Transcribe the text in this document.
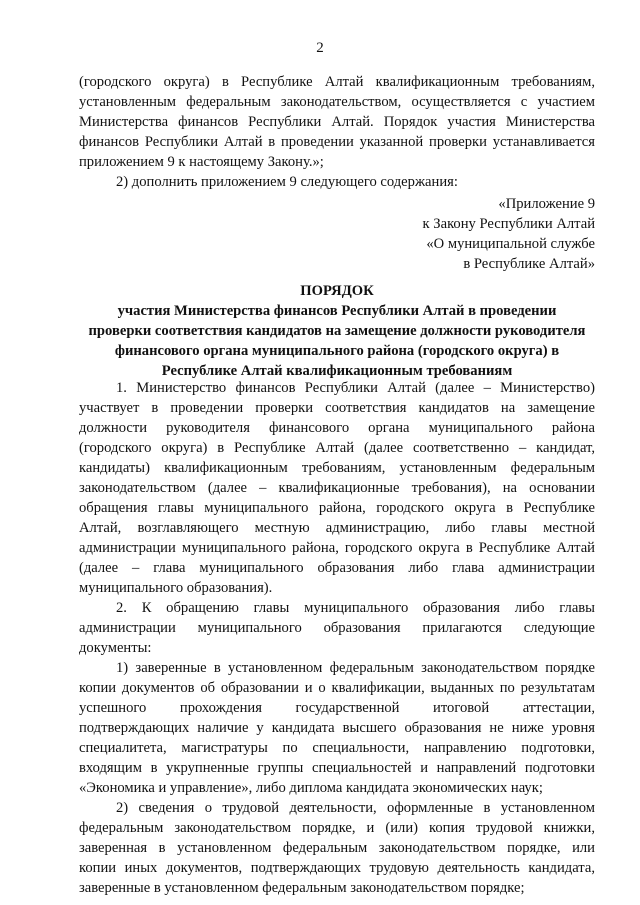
2
(городского округа) в Республике Алтай квалификационным требованиям,
установленным федеральным законодательством, осуществляется с участием
Министерства финансов Республики Алтай. Порядок участия Министерства
финансов Республики Алтай в проведении указанной проверки устанавливается
приложением 9 к настоящему Закону.»;
2) дополнить приложением 9 следующего содержания:
«Приложение 9
к Закону Республики Алтай
«О муниципальной службе
в Республике Алтай»
ПОРЯДОК
участия Министерства финансов Республики Алтай в проведении
проверки соответствия кандидатов на замещение должности руководителя
финансового органа муниципального района (городского округа) в
Республике Алтай квалификационным требованиям
1. Министерство финансов Республики Алтай (далее – Министерство)
участвует в проведении проверки соответствия кандидатов на замещение
должности руководителя финансового органа муниципального района
(городского округа) в Республике Алтай (далее соответственно – кандидат,
кандидаты) квалификационным требованиям, установленным федеральным
законодательством (далее – квалификационные требования), на основании
обращения главы муниципального района, городского округа в Республике
Алтай, возглавляющего местную администрацию, либо главы местной
администрации муниципального района, городского округа в Республике Алтай
(далее – глава муниципального образования либо глава администрации
муниципального образования).
2. К обращению главы муниципального образования либо главы
администрации муниципального образования прилагаются следующие
документы:
1) заверенные в установленном федеральным законодательством порядке
копии документов об образовании и о квалификации, выданных по результатам
успешного прохождения государственной итоговой аттестации,
подтверждающих наличие у кандидата высшего образования не ниже уровня
специалитета, магистратуры по специальности, направлению подготовки,
входящим в укрупненные группы специальностей и направлений подготовки
«Экономика и управление», либо диплома кандидата экономических наук;
2) сведения о трудовой деятельности, оформленные в установленном
федеральным законодательством порядке, и (или) копия трудовой книжки,
заверенная в установленном федеральным законодательством порядке, или
копии иных документов, подтверждающих трудовую деятельность кандидата,
заверенные в установленном федеральным законодательством порядке;
